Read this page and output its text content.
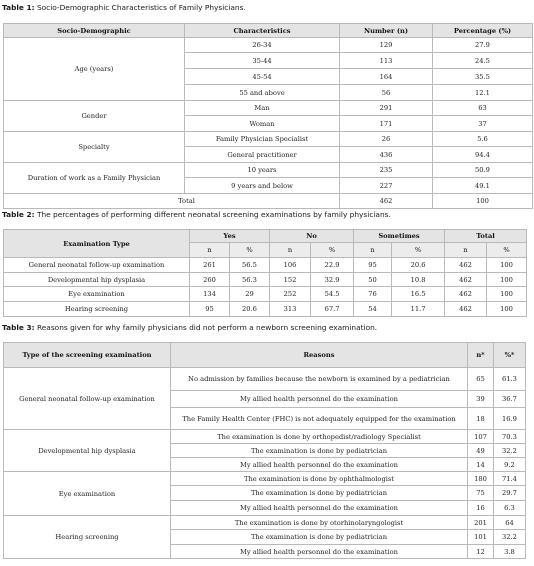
Table 1: Socio-Demographic Characteristics of Family Physicians.
Socio-Demographic	Characteristics	Number (n)	Percentage (%)
Age (years)	26-34	129	27.9
	35-44	113	24.5
	45-54	164	35.5
	55 and above	56	12.1
Gender	Man	291	63
	Woman	171	37
Specialty	Family Physician Specialist	26	5.6
	General practitioner	436	94.4
Duration of work as a Family Physician	10 years	235	50.9
	9 years and below	227	49.1
Total		462	100
Table 2: The percentages of performing different neonatal screening examinations by family physicians.
Examination Type	Yes		No		Sometimes		Total	
	n	%	n	%	n	%	n	%
General neonatal follow-up examination	261	56.5	106	22.9	95	20.6	462	100
Developmental hip dysplasia	260	56.3	152	32.9	50	10.8	462	100
Eye examination	134	29	252	54.5	76	16.5	462	100
Hearing screening	95	20.6	313	67.7	54	11.7	462	100
Table 3: Reasons given for why family physicians did not perform a newborn screening examination.
Type of the screening examination	Reasons	n*	%*
General neonatal follow-up examination	No admission by families because the newborn is examined by a pediatrician	65	61.3
	My allied health personnel do the examination	39	36.7
	The Family Health Center (FHC) is not adequately equipped for the examination	18	16.9
Developmental hip dysplasia	The examination is done by orthopedist/radiology Specialist	107	70.3
	The examination is done by pediatrician	49	32.2
	My allied health personnel do the examination	14	9.2
Eye examination	The examination is done by ophthalmologist	180	71.4
	The examination is done by pediatrician	75	29.7
	My allied health personnel do the examination	16	6.3
Hearing screening	The examination is done by otorhinolaryngologist	201	64
	The examination is done by pediatrician	101	32.2
	My allied health personnel do the examination	12	3.8
